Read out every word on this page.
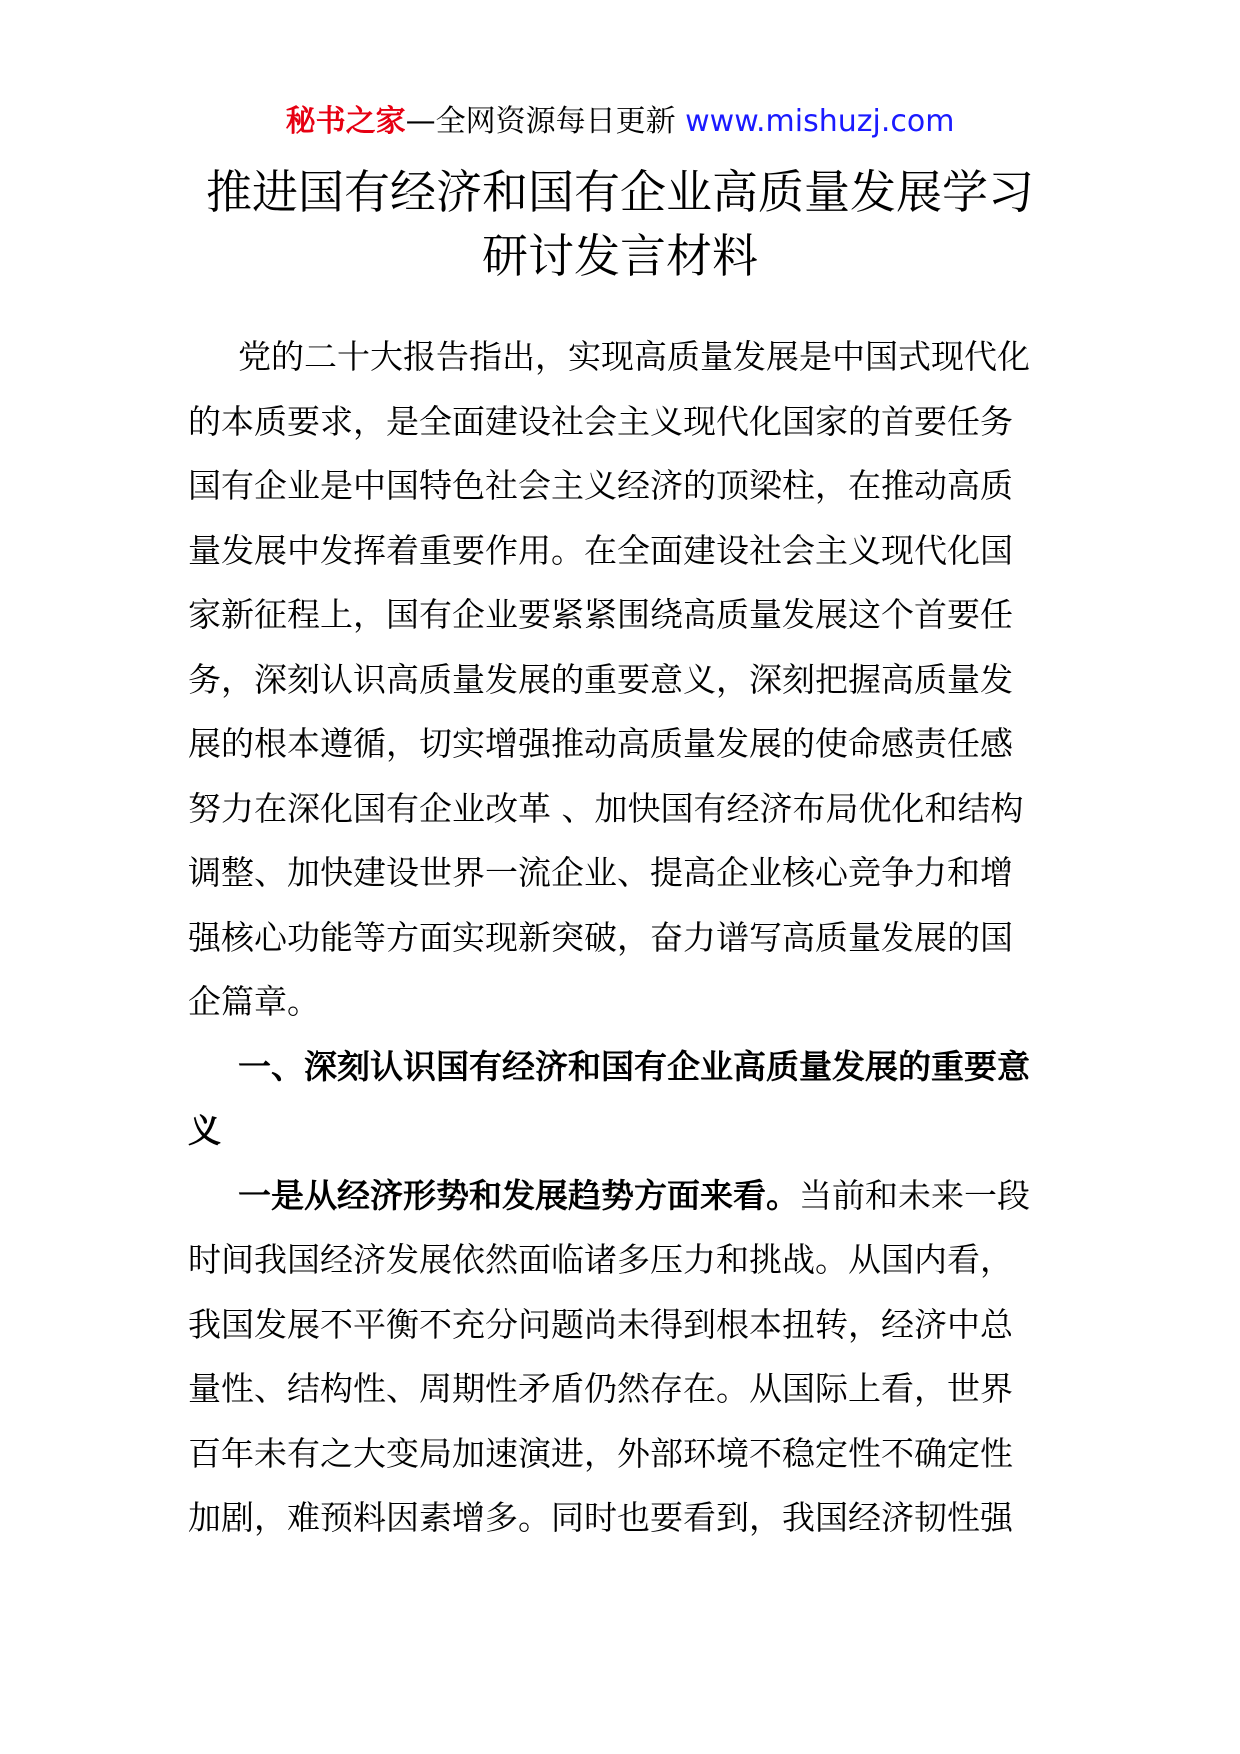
秘书之家—全网资源每日更新 www.mishuzj.com
推进国有经济和国有企业高质量发展学习
研讨发言材料
党的二十大报告指出，实现高质量发展是中国式现代化
的本质要求，是全面建设社会主义现代化国家的首要任务
国有企业是中国特色社会主义经济的顶梁柱，在推动高质
量发展中发挥着重要作用。在全面建设社会主义现代化国
家新征程上，国有企业要紧紧围绕高质量发展这个首要任
务，深刻认识高质量发展的重要意义，深刻把握高质量发
展的根本遵循，切实增强推动高质量发展的使命感责任感
努力在深化国有企业改革 、加快国有经济布局优化和结构
调整、加快建设世界一流企业、提高企业核心竞争力和增
强核心功能等方面实现新突破，奋力谱写高质量发展的国
企篇章。
一、深刻认识国有经济和国有企业高质量发展的重要意
义
一是从经济形势和发展趋势方面来看。当前和未来一段
时间我国经济发展依然面临诸多压力和挑战。从国内看，
我国发展不平衡不充分问题尚未得到根本扭转，经济中总
量性、结构性、周期性矛盾仍然存在。从国际上看，世界
百年未有之大变局加速演进，外部环境不稳定性不确定性
加剧，难预料因素增多。同时也要看到，我国经济韧性强
